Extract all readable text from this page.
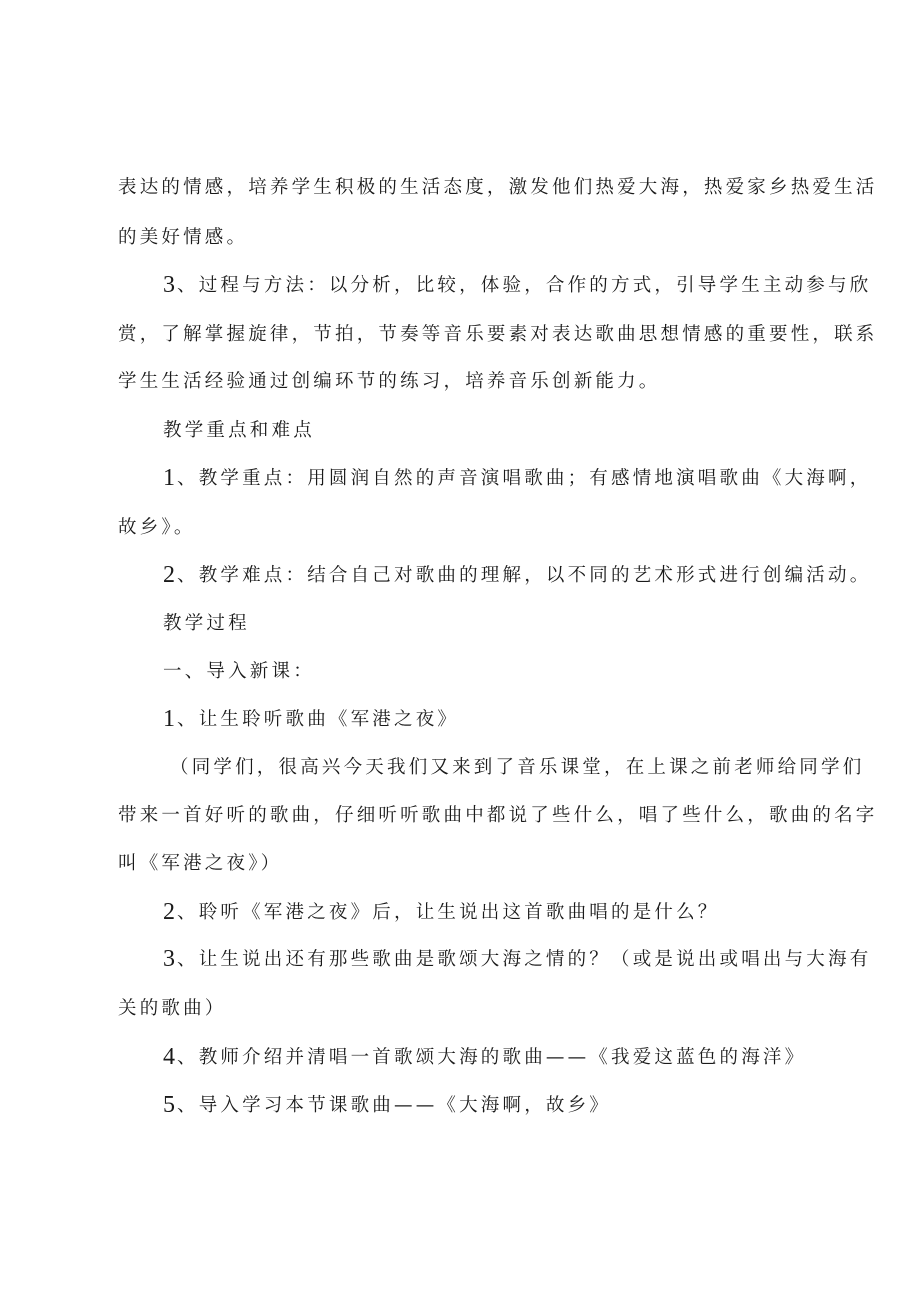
表达的情感，培养学生积极的生活态度，激发他们热爱大海，热爱家乡热爱生活
的美好情感。
3 、过程与方法：以分析，比较，体验，合作的方式，引导学生主动参与欣
赏，了解掌握旋律，节拍，节奏等音乐要素对表达歌曲思想情感的重要性，联系
学生生活经验通过创编环节的练习，培养音乐创新能力。
教学重点和难点
1 、教学重点：用圆润自然的声音演唱歌曲；有感情地演唱歌曲《大海啊，
故乡》。
2 、教学难点：结合自己对歌曲的理解，以不同的艺术形式进行创编活动。
教学过程
一、导入新课：
1 、让生聆听歌曲《军港之夜》
（同学们，很高兴今天我们又来到了音乐课堂，在上课之前老师给同学们
带来一首好听的歌曲，仔细听听歌曲中都说了些什么，唱了些什么，歌曲的名字
叫《军港之夜》）
2 、聆听《军港之夜》后，让生说出这首歌曲唱的是什么？
3 、让生说出还有那些歌曲是歌颂大海之情的？（或是说出或唱出与大海有
关的歌曲）
4 、教师介绍并清唱一首歌颂大海的歌曲——《我爱这蓝色的海洋》
5 、导入学习本节课歌曲——《大海啊，故乡》
